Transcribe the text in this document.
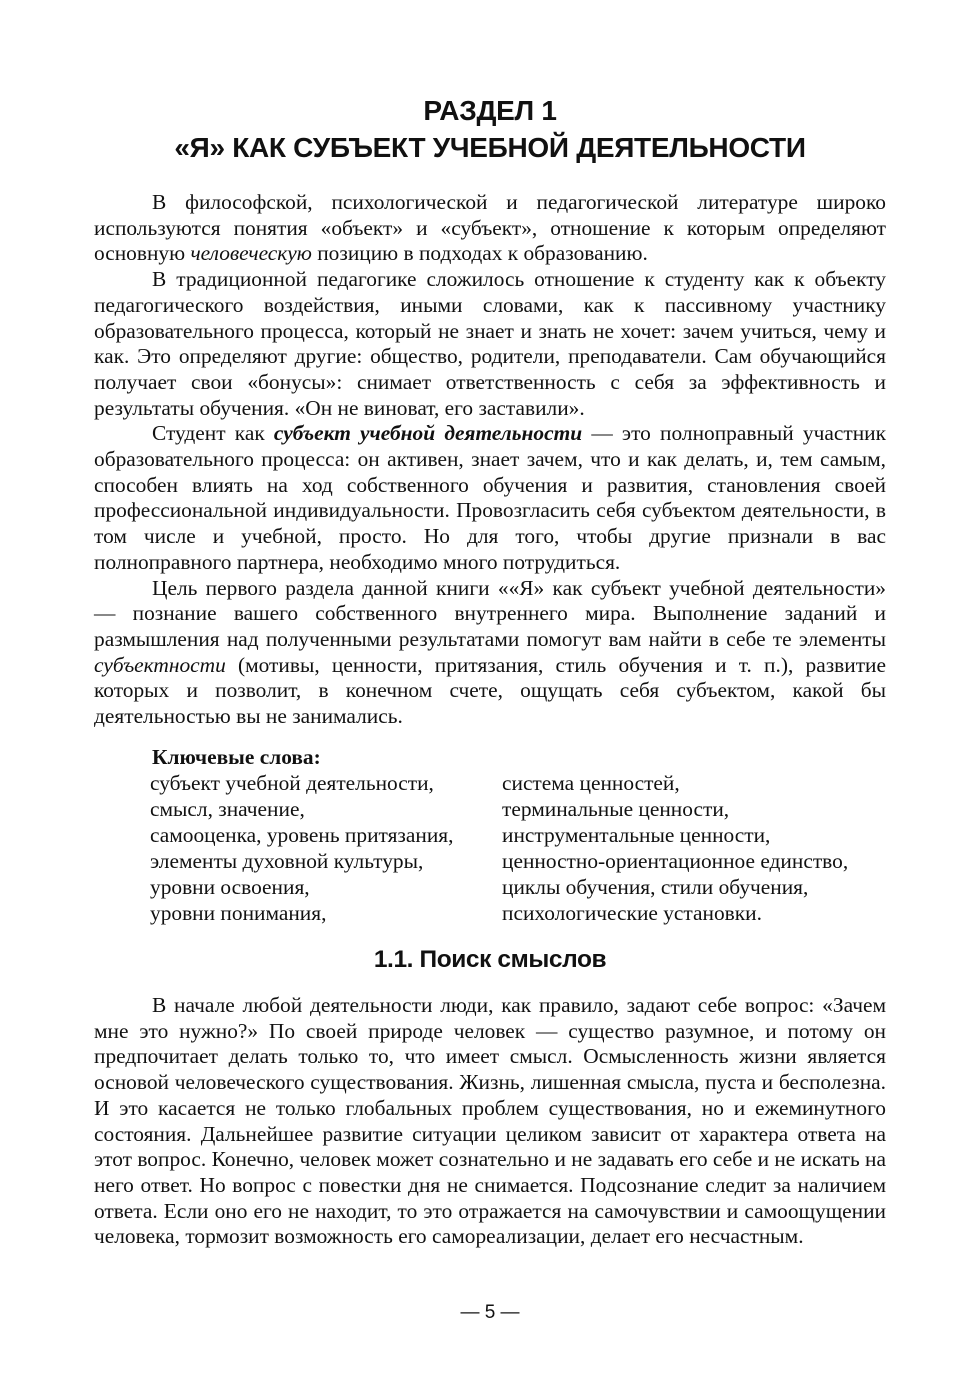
РАЗДЕЛ 1
«Я» КАК СУБЪЕКТ УЧЕБНОЙ ДЕЯТЕЛЬНОСТИ

В философской, психологической и педагогической литературе широко используются понятия «объект» и «субъект», отношение к которым определяют основную человеческую позицию в подходах к образованию.

В традиционной педагогике сложилось отношение к студенту как к объекту педагогического воздействия, иными словами, как к пассивному участнику образовательного процесса, который не знает и знать не хочет: зачем учиться, чему и как. Это определяют другие: общество, родители, преподаватели. Сам обучающийся получает свои «бонусы»: снимает ответственность с себя за эффективность и результаты обучения. «Он не виноват, его заставили».

Студент как субъект учебной деятельности — это полноправный участник образовательного процесса: он активен, знает зачем, что и как делать, и, тем самым, способен влиять на ход собственного обучения и развития, становления своей профессиональной индивидуальности. Провозгласить себя субъектом деятельности, в том числе и учебной, просто. Но для того, чтобы другие признали в вас полноправного партнера, необходимо много потрудиться.

Цель первого раздела данной книги ««Я» как субъект учебной деятельности» — познание вашего собственного внутреннего мира. Выполнение заданий и размышления над полученными результатами помогут вам найти в себе те элементы субъектности (мотивы, ценности, притязания, стиль обучения и т. п.), развитие которых и позволит, в конечном счете, ощущать себя субъектом, какой бы деятельностью вы не занимались.

Ключевые слова:
субъект учебной деятельности,
смысл, значение,
самооценка, уровень притязания,
элементы духовной культуры,
уровни освоения,
уровни понимания,
система ценностей,
терминальные ценности,
инструментальные ценности,
ценностно-ориентационное единство,
циклы обучения, стили обучения,
психологические установки.
1.1. Поиск смыслов

В начале любой деятельности люди, как правило, задают себе вопрос: «Зачем мне это нужно?» По своей природе человек — существо разумное, и потому он предпочитает делать только то, что имеет смысл. Осмысленность жизни является основой человеческого существования. Жизнь, лишенная смысла, пуста и бесполезна. И это касается не только глобальных проблем существования, но и ежеминутного состояния. Дальнейшее развитие ситуации целиком зависит от характера ответа на этот вопрос. Конечно, человек может сознательно и не задавать его себе и не искать на него ответ. Но вопрос с повестки дня не снимается. Подсознание следит за наличием ответа. Если оно его не находит, то это отражается на самочувствии и самоощущении человека, тормозит возможность его самореализации, делает его несчастным.

— 5 —
